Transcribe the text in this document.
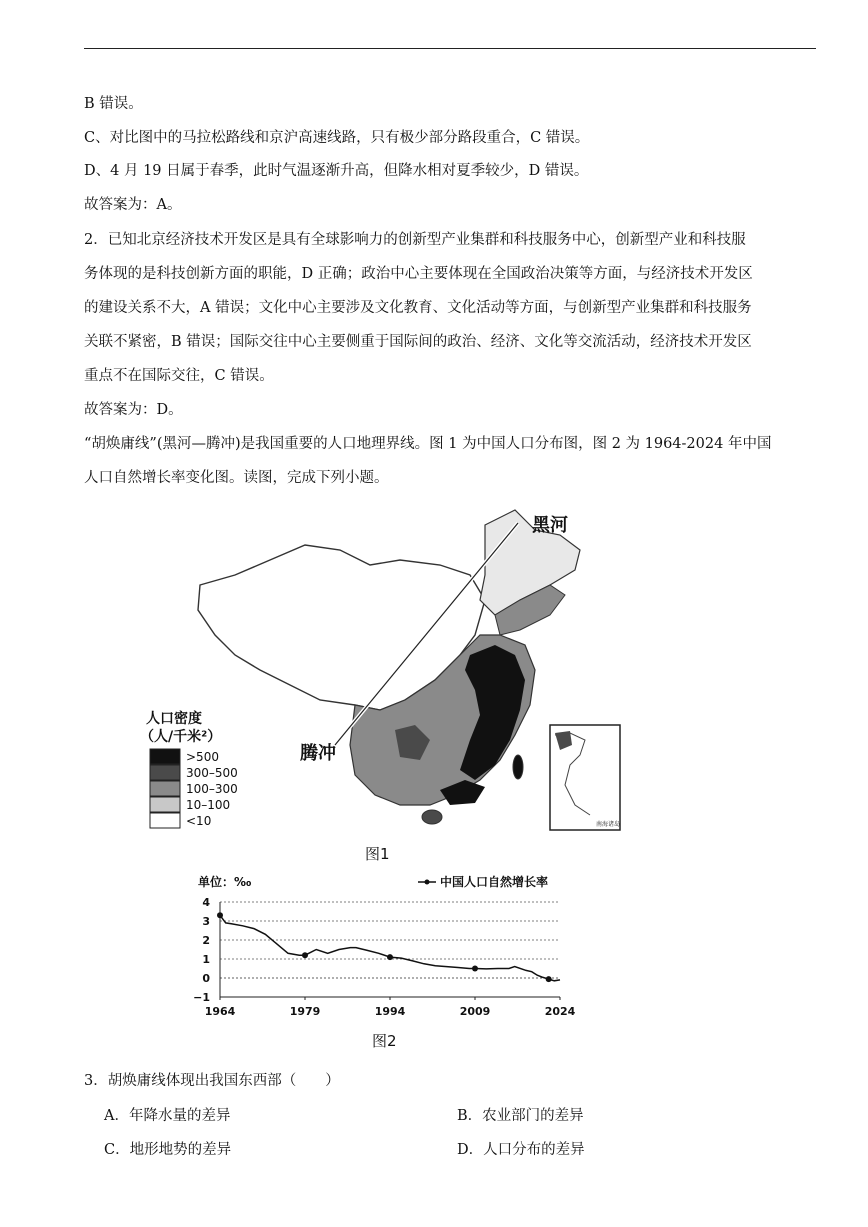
B 错误。
C、对比图中的马拉松路线和京沪高速线路，只有极少部分路段重合，C 错误。
D、4 月 19 日属于春季，此时气温逐渐升高，但降水相对夏季较少，D 错误。
故答案为：A。
2．已知北京经济技术开发区是具有全球影响力的创新型产业集群和科技服务中心，创新型产业和科技服
务体现的是科技创新方面的职能，D 正确；政治中心主要体现在全国政治决策等方面，与经济技术开发区
的建设关系不大，A 错误；文化中心主要涉及文化教育、文化活动等方面，与创新型产业集群和科技服务
关联不紧密，B 错误；国际交往中心主要侧重于国际间的政治、经济、文化等交流活动，经济技术开发区
重点不在国际交往，C 错误。
故答案为：D。
“胡焕庸线”(黑河—腾冲)是我国重要的人口地理界线。图 1 为中国人口分布图，图 2 为 1964-2024 年中国
人口自然增长率变化图。读图，完成下列小题。
黑河
腾冲
人口密度
（人/千米²）
>500
300–500
100–300
10–100
<10	南海诸岛
图1
单位：‰	中国人口自然增长率
4
3
2
1
0
−1
1964	1979	1994	2009	2024
图2
3．胡焕庸线体现出我国东西部（　　）
A．年降水量的差异	B．农业部门的差异
C．地形地势的差异	D．人口分布的差异
